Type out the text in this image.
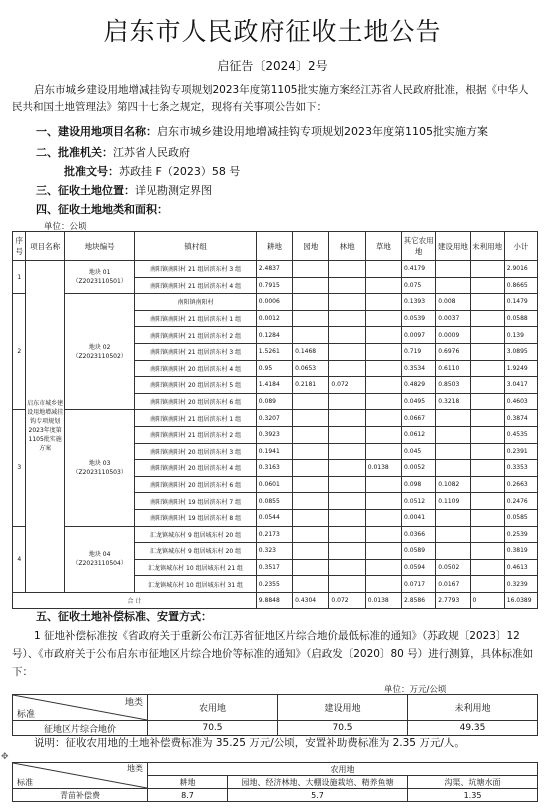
启东市人民政府征收土地公告
启征告〔2024〕2号
启东市城乡建设用地增减挂钩专项规划2023年度第1105批实施方案经江苏省人民政府批准，根据《中华人民共和国土地管理法》第四十七条之规定，现将有关事项公告如下：
一、建设用地项目名称：启东市城乡建设用地增减挂钩专项规划2023年度第1105批实施方案
二、批准机关：江苏省人民政府
批准文号：苏政挂 F（2023）58 号
三、征收土地位置：详见勘测定界图
四、征收土地地类和面积：
单位：公顷
序号	项目名称	地块编号	镇村组	耕地	园地	林地	草地	其它农用地	建设用地	未利用地	小计
1	启东市城乡建设用地增减挂钩专项规划2023年度第1105批实施方案	地块 01
（Z2023110501）	南阳镇南阳村 21 组居滨东村 3 组	2.4837				0.4179			2.9016
			南阳镇南阳村 21 组居滨东村 4 组	0.7915				0.075			0.8665
2		地块 02
（Z2023110502）	南阳镇南阳村	0.0006				0.1393	0.008		0.1479
			南阳镇南阳村 21 组居滨东村 1 组	0.0012				0.0539	0.0037		0.0588
			南阳镇南阳村 21 组居滨东村 2 组	0.1284				0.0097	0.0009		0.139
			南阳镇南阳村 21 组居滨东村 3 组	1.5261	0.1468			0.719	0.6976		3.0895
			南阳镇南阳村 20 组居滨东村 4 组	0.95	0.0653			0.3534	0.6110		1.9249
			南阳镇南阳村 20 组居滨东村 5 组	1.4184	0.2181	0.072		0.4829	0.8503		3.0417
			南阳镇南阳村 20 组居滨东村 6 组	0.089				0.0495	0.3218		0.4603
3		地块 03
（Z2023110503）	南阳镇南阳村 21 组居滨东村 1 组	0.3207				0.0667			0.3874
			南阳镇南阳村 21 组居滨东村 2 组	0.3923				0.0612			0.4535
			南阳镇南阳村 20 组居滨东村 3 组	0.1941				0.045			0.2391
			南阳镇南阳村 20 组居滨东村 4 组	0.3163			0.0138	0.0052			0.3353
			南阳镇南阳村 20 组居滨东村 6 组	0.0601				0.098	0.1082		0.2663
			南阳镇南阳村 19 组居滨东村 7 组	0.0855				0.0512	0.1109		0.2476
			南阳镇南阳村 19 组居滨东村 8 组	0.0544				0.0041			0.0585
4		地块 04
（Z2023110504）	汇龙镇城东村 9 组居城东村 20 组	0.2173				0.0366			0.2539
			汇龙镇城东村 9 组居城东村 20 组	0.323				0.0589			0.3819
			汇龙镇城东村 10 组居城东村 21 组	0.3517				0.0594	0.0502		0.4613
			汇龙镇城东村 10 组居城东村 31 组	0.2355				0.0717	0.0167		0.3239
合 计				9.8848	0.4304	0.072	0.0138	2.8586	2.7793	0	16.0389
五、征收土地补偿标准、安置方式：
1 征地补偿标准按《省政府关于重新公布江苏省征地区片综合地价最低标准的通知》（苏政规〔2023〕12 号）、《市政府关于公布启东市征地区片综合地价等标准的通知》（启政发〔2020〕80 号）进行测算，具体标准如下：
单位：万元/公顷
地类
标准	农用地	建设用地	未利用地
征地区片综合地价	70.5	70.5	49.35
说明：征收农用地的土地补偿费标准为 35.25 万元/公顷，安置补助费标准为 2.35 万元/人。
✥
地类
标准	农用地		
	耕地	园地、经济林地、大棚设施栽培、精养鱼塘	沟渠、坑塘水面
青苗补偿费	8.7	5.7	1.35
